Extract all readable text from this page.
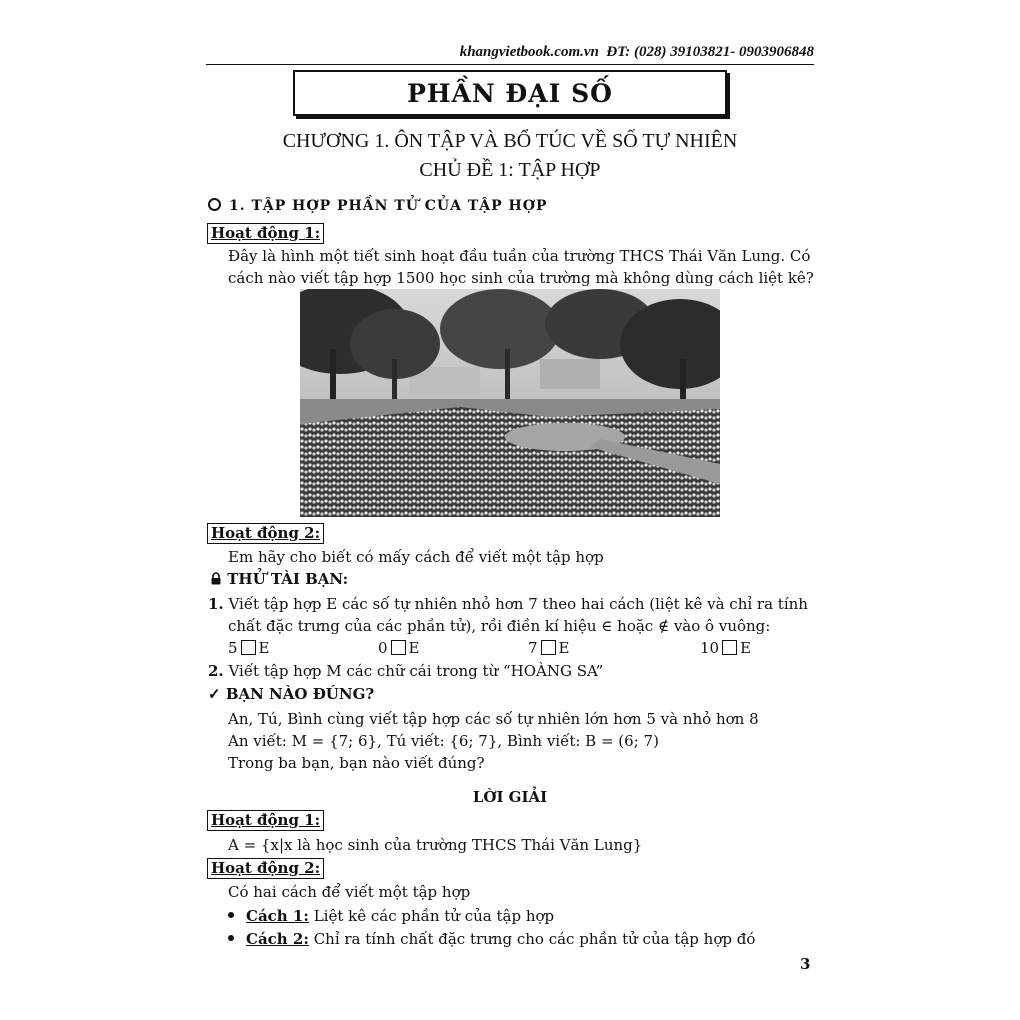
khangvietbook.com.vn ĐT: (028) 39103821- 0903906848
PHẦN ĐẠI SỐ
CHƯƠNG 1. ÔN TẬP VÀ BỔ TÚC VỀ SỐ TỰ NHIÊN
CHỦ ĐỀ 1: TẬP HỢP
1. TẬP HỢP PHẦN TỬ CỦA TẬP HỢP
Hoạt động 1:
Đây là hình một tiết sinh hoạt đầu tuần của trường THCS Thái Văn Lung. Có
cách nào viết tập hợp 1500 học sinh của trường mà không dùng cách liệt kê?
Hoạt động 2:
Em hãy cho biết có mấy cách để viết một tập hợp
THỬ TÀI BẠN:
1. Viết tập hợp E các số tự nhiên nhỏ hơn 7 theo hai cách (liệt kê và chỉ ra tính
chất đặc trưng của các phần tử), rồi điền kí hiệu ∈ hoặc ∉ vào ô vuông:
5 E	0 E	7 E	10 E
2. Viết tập hợp M các chữ cái trong từ “HOÀNG SA”
✓ BẠN NÀO ĐÚNG?
An, Tú, Bình cùng viết tập hợp các số tự nhiên lớn hơn 5 và nhỏ hơn 8
An viết: M = {7; 6}, Tú viết: {6; 7}, Bình viết: B = (6; 7)
Trong ba bạn, bạn nào viết đúng?
LỜI GIẢI
Hoạt động 1:
A = {x|x là học sinh của trường THCS Thái Văn Lung}
Hoạt động 2:
Có hai cách để viết một tập hợp
Cách 1: Liệt kê các phần tử của tập hợp
Cách 2: Chỉ ra tính chất đặc trưng cho các phần tử của tập hợp đó
3
